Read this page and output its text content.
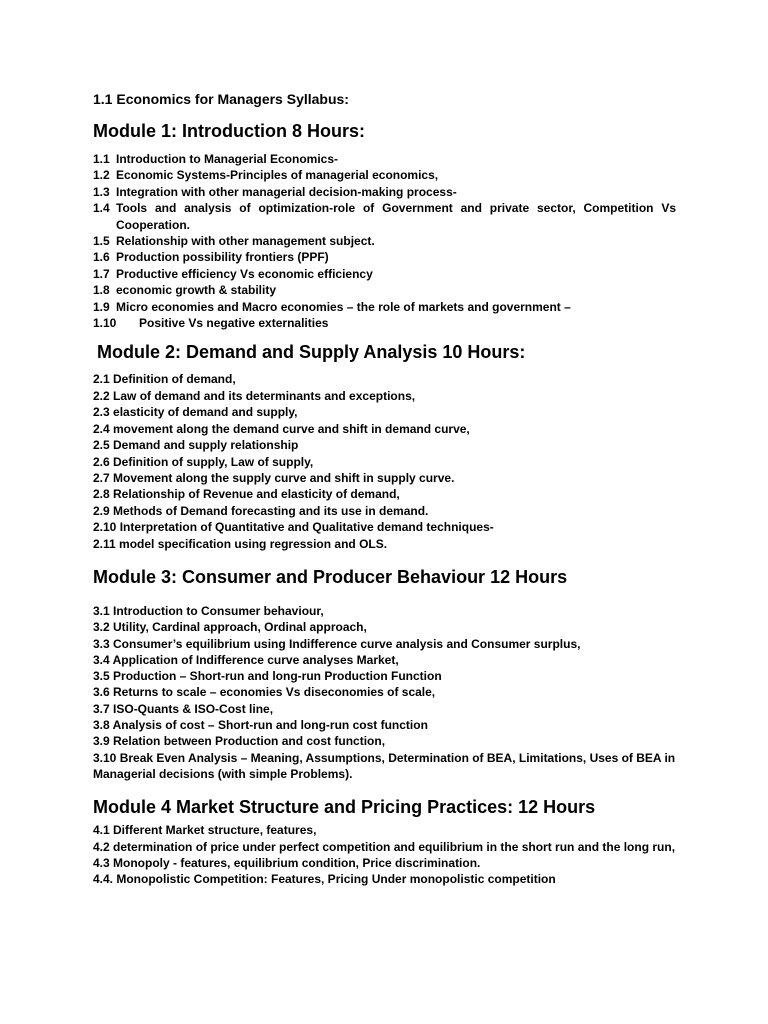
1.1 Economics for Managers Syllabus:
Module 1: Introduction 8 Hours:
1.1 Introduction to Managerial Economics-
1.2 Economic Systems-Principles of managerial economics,
1.3 Integration with other managerial decision-making process-
1.4 Tools and analysis of optimization-role of Government and private sector, Competition Vs Cooperation.
1.5 Relationship with other management subject.
1.6 Production possibility frontiers (PPF)
1.7 Productive efficiency Vs economic efficiency
1.8 economic growth & stability
1.9 Micro economies and Macro economies – the role of markets and government –
1.10	Positive Vs negative externalities
Module 2: Demand and Supply Analysis 10 Hours:
2.1 Definition of demand,
2.2 Law of demand and its determinants and exceptions,
2.3 elasticity of demand and supply,
2.4 movement along the demand curve and shift in demand curve,
2.5 Demand and supply relationship
2.6 Definition of supply, Law of supply,
2.7 Movement along the supply curve and shift in supply curve.
2.8 Relationship of Revenue and elasticity of demand,
2.9 Methods of Demand forecasting and its use in demand.
2.10 Interpretation of Quantitative and Qualitative demand techniques-
2.11 model specification using regression and OLS.
Module 3: Consumer and Producer Behaviour 12 Hours
3.1 Introduction to Consumer behaviour,
3.2 Utility, Cardinal approach, Ordinal approach,
3.3 Consumer’s equilibrium using Indifference curve analysis and Consumer surplus,
3.4 Application of Indifference curve analyses Market,
3.5 Production – Short-run and long-run Production Function
3.6 Returns to scale – economies Vs diseconomies of scale,
3.7 ISO-Quants & ISO-Cost line,
3.8 Analysis of cost – Short-run and long-run cost function
3.9 Relation between Production and cost function,
3.10 Break Even Analysis – Meaning, Assumptions, Determination of BEA, Limitations, Uses of BEA in Managerial decisions (with simple Problems).
Module 4 Market Structure and Pricing Practices: 12 Hours
4.1 Different Market structure, features,
4.2 determination of price under perfect competition and equilibrium in the short run and the long run,
4.3 Monopoly - features, equilibrium condition, Price discrimination.
4.4. Monopolistic Competition: Features, Pricing Under monopolistic competition
